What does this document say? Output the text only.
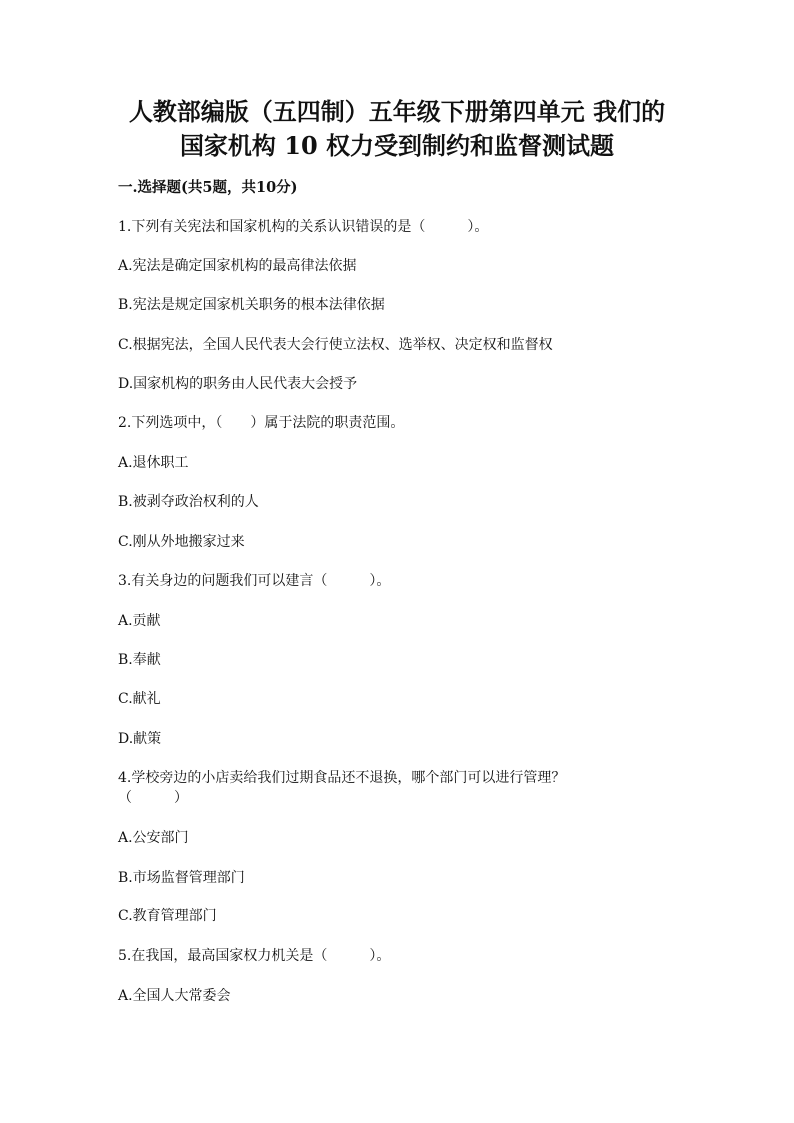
人教部编版（五四制）五年级下册第四单元 我们的
国家机构 10 权力受到制约和监督测试题
一.选择题(共5题，共10分)
1.下列有关宪法和国家机构的关系认识错误的是（　　　）。
A.宪法是确定国家机构的最高律法依据
B.宪法是规定国家机关职务的根本法律依据
C.根据宪法，全国人民代表大会行使立法权、选举权、决定权和监督权
D.国家机构的职务由人民代表大会授予
2.下列选项中，（　　）属于法院的职责范围。
A.退休职工
B.被剥夺政治权利的人
C.刚从外地搬家过来
3.有关身边的问题我们可以建言（　　　）。
A.贡献
B.奉献
C.献礼
D.献策
4.学校旁边的小店卖给我们过期食品还不退换，哪个部门可以进行管理？
（　　　）
A.公安部门
B.市场监督管理部门
C.教育管理部门
5.在我国，最高国家权力机关是（　　　）。
A.全国人大常委会
